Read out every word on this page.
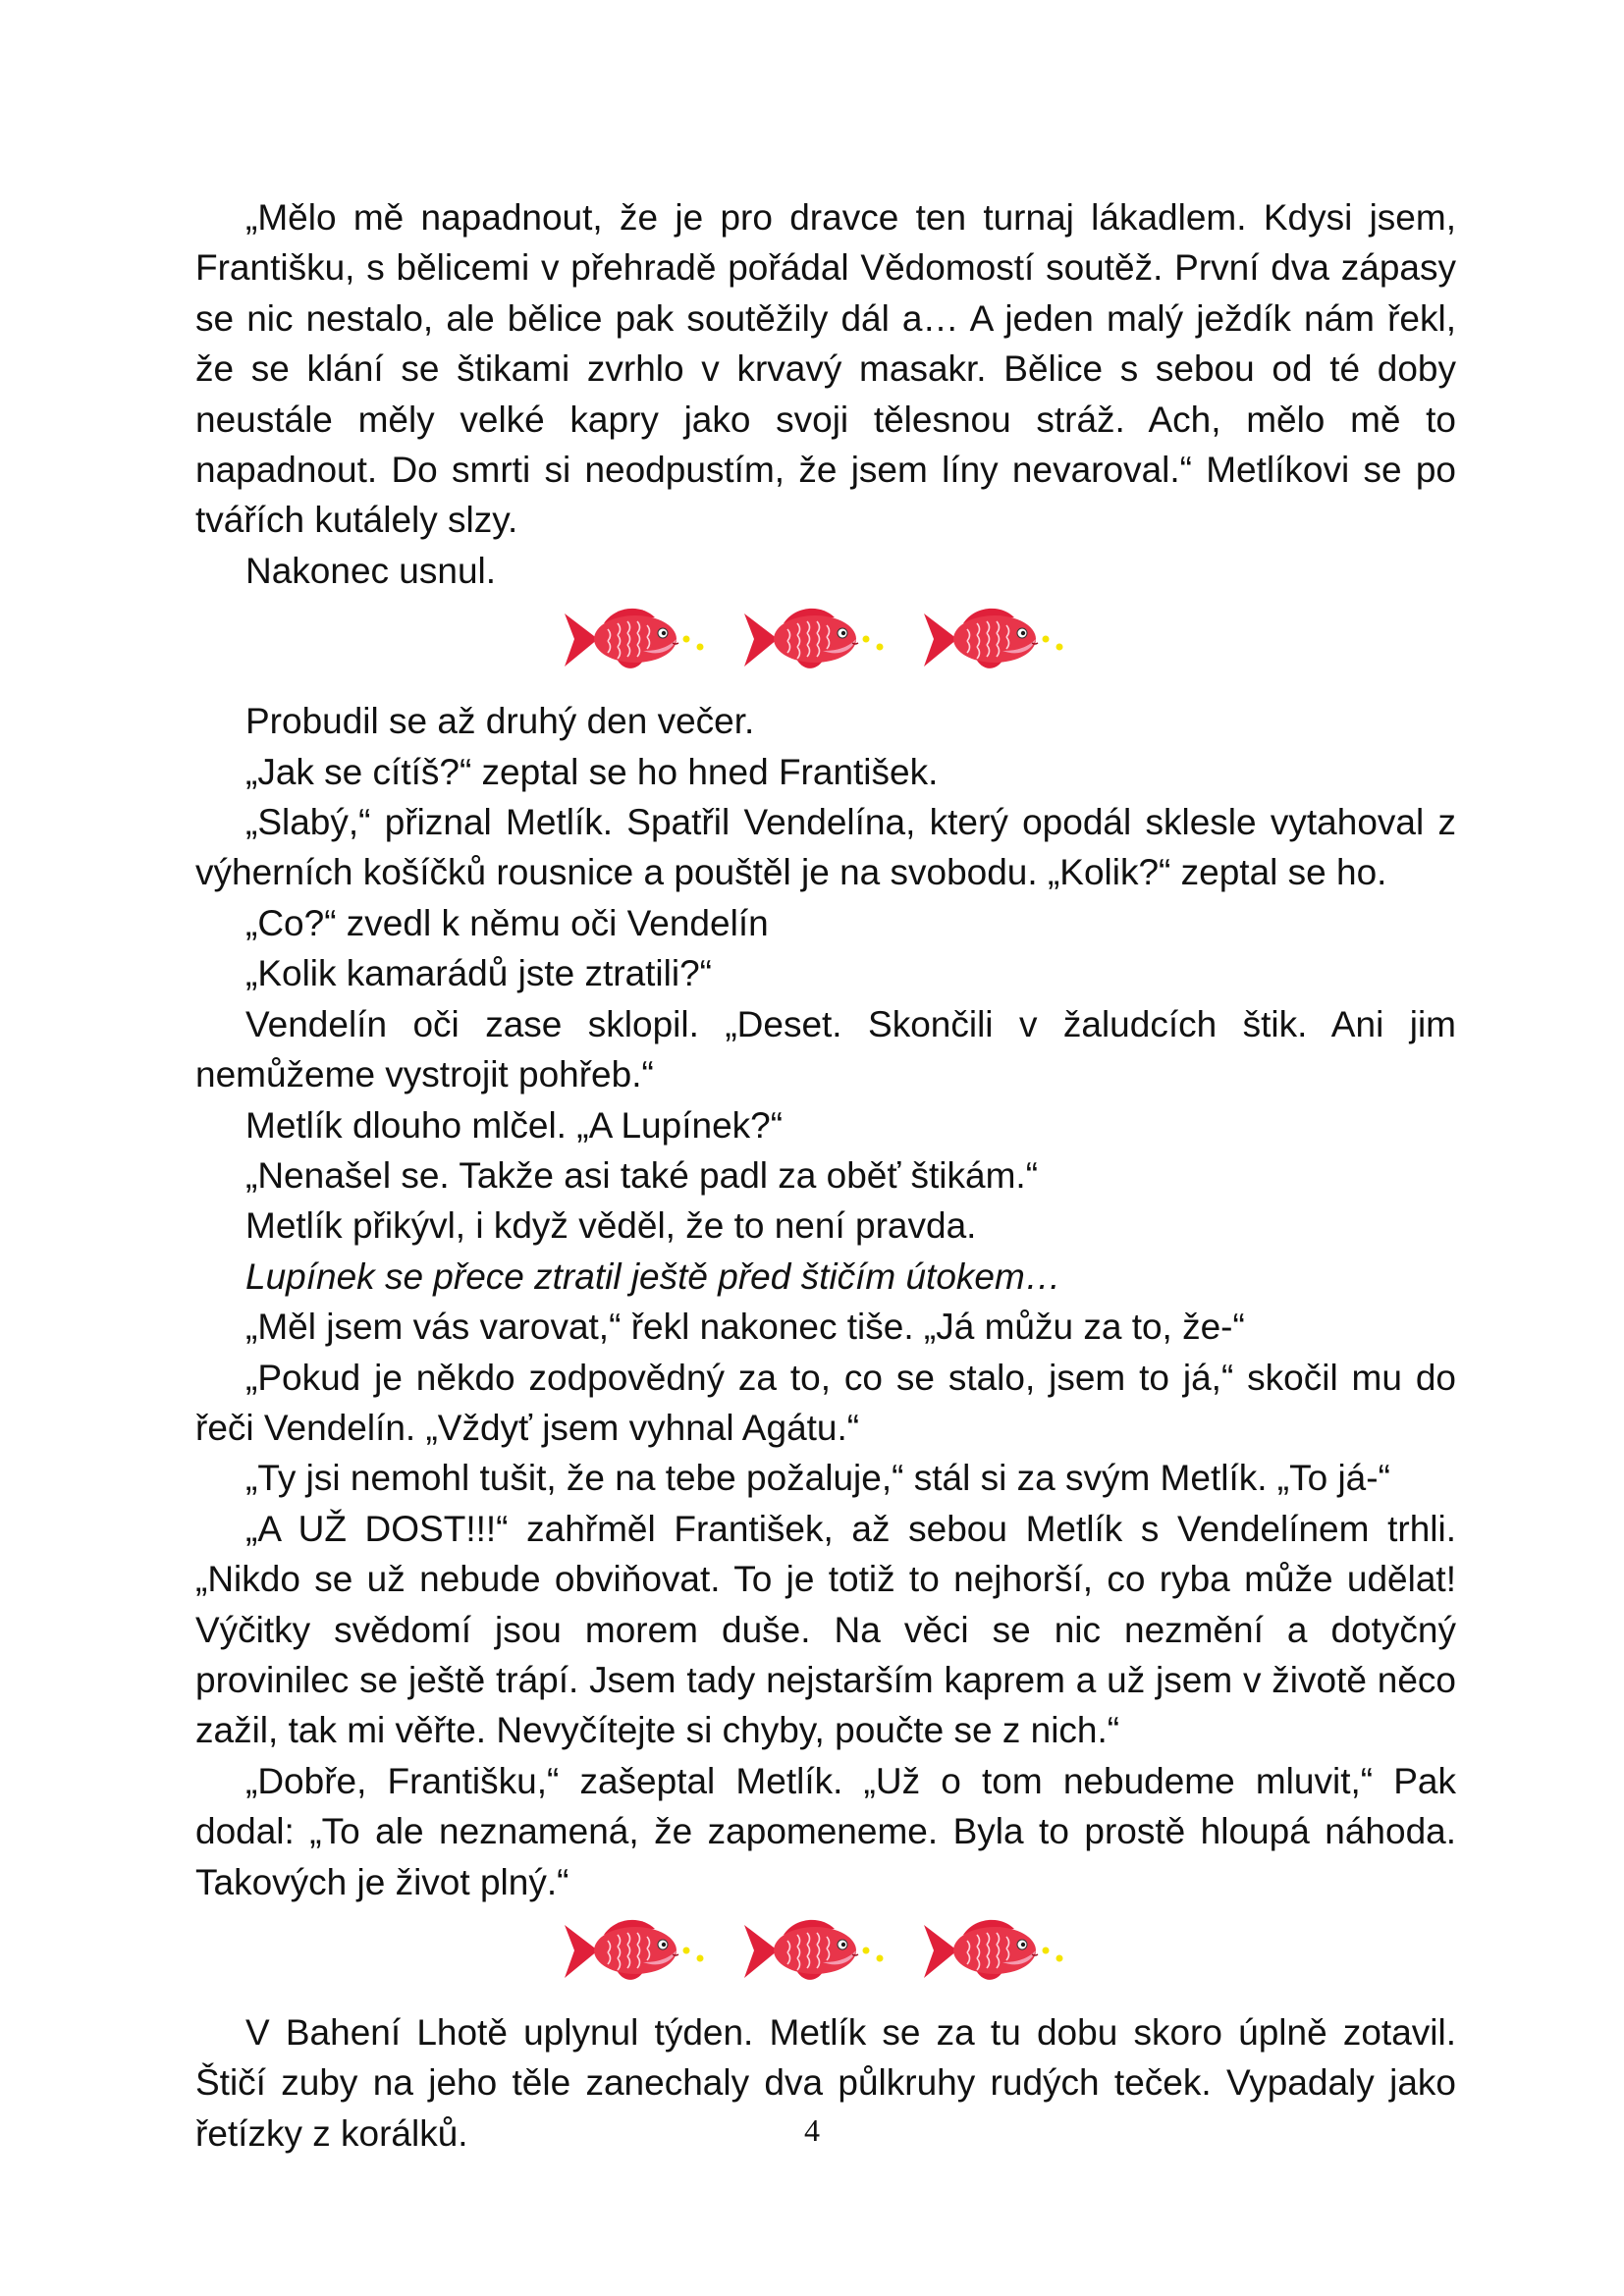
„Mělo mě napadnout, že je pro dravce ten turnaj lákadlem. Kdysi jsem, Františku, s bělicemi v přehradě pořádal Vědomostí soutěž. První dva zápasy se nic nestalo, ale bělice pak soutěžily dál a… A jeden malý ježdík nám řekl, že se klání se štikami zvrhlo v krvavý masakr. Bělice s sebou od té doby neustále měly velké kapry jako svoji tělesnou stráž. Ach, mělo mě to napadnout. Do smrti si neodpustím, že jsem líny nevaroval.“ Metlíkovi se po tvářích kutálely slzy.

Nakonec usnul.

Probudil se až druhý den večer.

„Jak se cítíš?“ zeptal se ho hned František.

„Slabý,“ přiznal Metlík. Spatřil Vendelína, který opodál sklesle vytahoval z výherních košíčků rousnice a pouštěl je na svobodu. „Kolik?“ zeptal se ho.

„Co?“ zvedl k němu oči Vendelín

„Kolik kamarádů jste ztratili?“

Vendelín oči zase sklopil. „Deset. Skončili v žaludcích štik. Ani jim nemůžeme vystrojit pohřeb.“

Metlík dlouho mlčel. „A Lupínek?“

„Nenašel se. Takže asi také padl za oběť štikám.“

Metlík přikývl, i když věděl, že to není pravda.

Lupínek se přece ztratil ještě před štičím útokem…

„Měl jsem vás varovat,“ řekl nakonec tiše. „Já můžu za to, že-“

„Pokud je někdo zodpovědný za to, co se stalo, jsem to já,“ skočil mu do řeči Vendelín. „Vždyť jsem vyhnal Agátu.“

„Ty jsi nemohl tušit, že na tebe požaluje,“ stál si za svým Metlík. „To já-“

„A UŽ DOST!!!“ zahřměl František, až sebou Metlík s Vendelínem trhli. „Nikdo se už nebude obviňovat. To je totiž to nejhorší, co ryba může udělat! Výčitky svědomí jsou morem duše. Na věci se nic nezmění a dotyčný provinilec se ještě trápí. Jsem tady nejstarším kaprem a už jsem v životě něco zažil, tak mi věřte. Nevyčítejte si chyby, poučte se z nich.“

„Dobře, Františku,“ zašeptal Metlík. „Už o tom nebudeme mluvit,“ Pak dodal: „To ale neznamená, že zapomeneme. Byla to prostě hloupá náhoda. Takových je život plný.“

V Bahení Lhotě uplynul týden. Metlík se za tu dobu skoro úplně zotavil. Štičí zuby na jeho těle zanechaly dva půlkruhy rudých teček. Vypadaly jako řetízky z korálků.	4
